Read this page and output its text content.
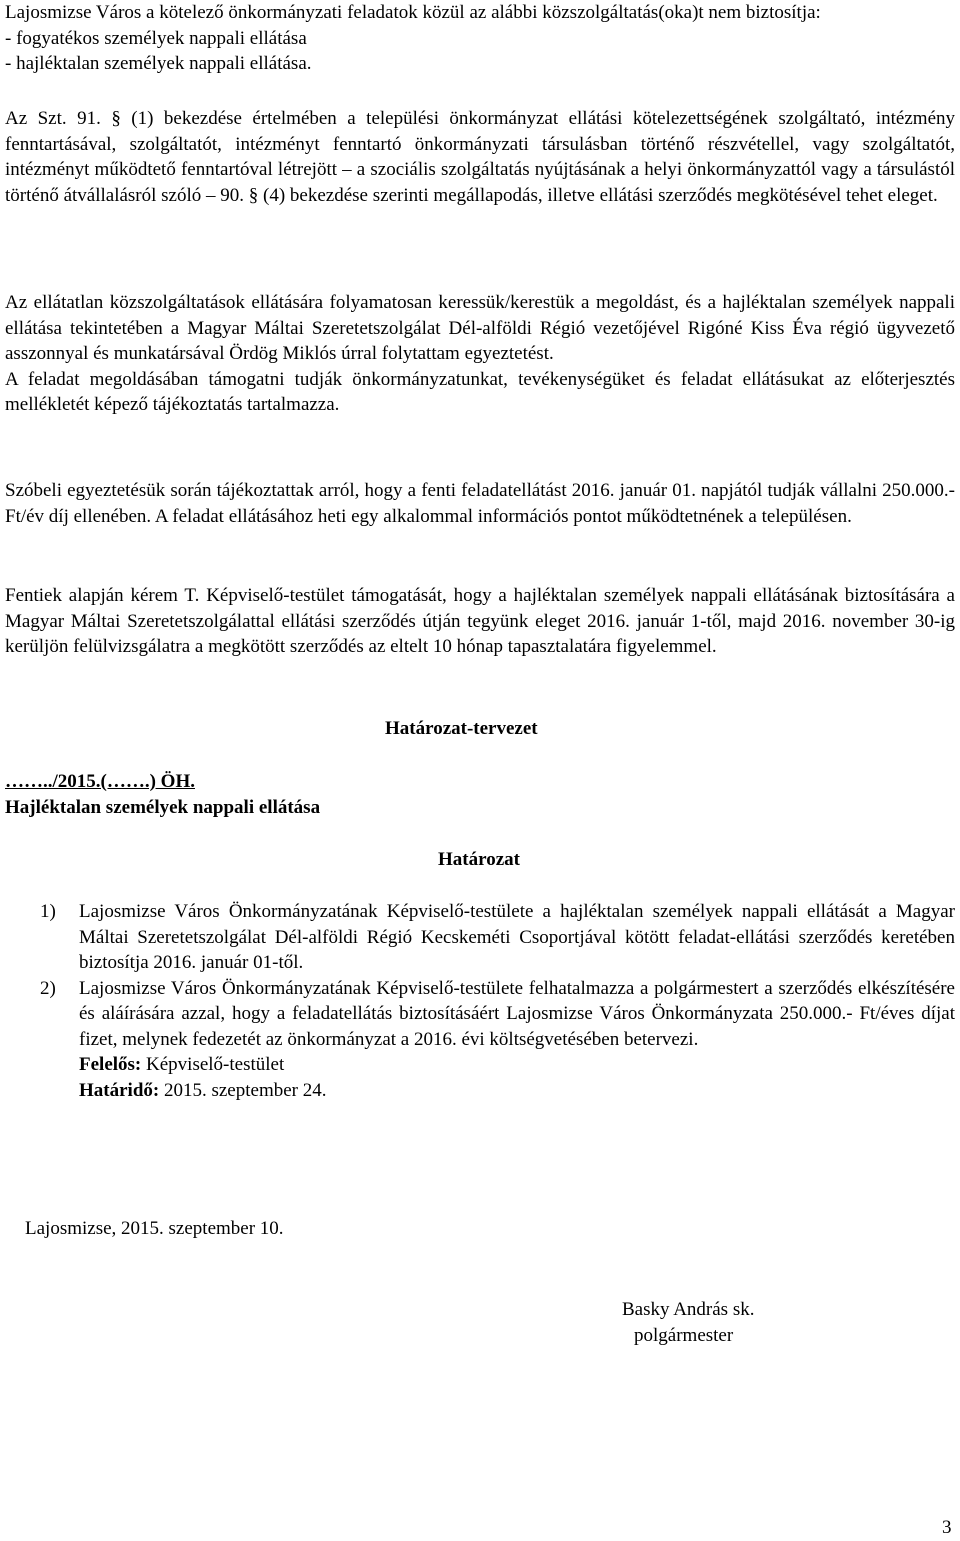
Lajosmizse Város a kötelező önkormányzati feladatok közül az alábbi közszolgáltatás(oka)t nem biztosítja:

- fogyatékos személyek nappali ellátása

- hajléktalan személyek nappali ellátása.

Az Szt. 91. § (1) bekezdése értelmében a települési önkormányzat ellátási kötelezettségének szolgáltató, intézmény fenntartásával, szolgáltatót, intézményt fenntartó önkormányzati társulásban történő részvétellel, vagy szolgáltatót, intézményt működtető fenntartóval létrejött – a szociális szolgáltatás nyújtásának a helyi önkormányzattól vagy a társulástól történő átvállalásról szóló – 90. § (4) bekezdése szerinti megállapodás, illetve ellátási szerződés megkötésével tehet eleget.

Az ellátatlan közszolgáltatások ellátására folyamatosan keressük/kerestük a megoldást, és a hajléktalan személyek nappali ellátása tekintetében a Magyar Máltai Szeretetszolgálat Dél-alföldi Régió vezetőjével Rigóné Kiss Éva régió ügyvezető asszonnyal és munkatársával Ördög Miklós úrral folytattam egyeztetést.

A feladat megoldásában támogatni tudják önkormányzatunkat, tevékenységüket és feladat ellátásukat az előterjesztés mellékletét képező tájékoztatás tartalmazza.

Szóbeli egyeztetésük során tájékoztattak arról, hogy a fenti feladatellátást 2016. január 01. napjától tudják vállalni 250.000.- Ft/év díj ellenében. A feladat ellátásához heti egy alkalommal információs pontot működtetnének a településen.

Fentiek alapján kérem T. Képviselő-testület támogatását, hogy a hajléktalan személyek nappali ellátásának biztosítására a Magyar Máltai Szeretetszolgálattal ellátási szerződés útján tegyünk eleget 2016. január 1-től, majd 2016. november 30-ig kerüljön felülvizsgálatra a megkötött szerződés az eltelt 10 hónap tapasztalatára figyelemmel.

Határozat-tervezet

……../2015.(…….) ÖH.

Hajléktalan személyek nappali ellátása

Határozat

1) Lajosmizse Város Önkormányzatának Képviselő-testülete a hajléktalan személyek nappali ellátását a Magyar Máltai Szeretetszolgálat Dél-alföldi Régió Kecskeméti Csoportjával kötött feladat-ellátási szerződés keretében biztosítja 2016. január 01-től.
2) Lajosmizse Város Önkormányzatának Képviselő-testülete felhatalmazza a polgármestert a szerződés elkészítésére és aláírására azzal, hogy a feladatellátás biztosításáért Lajosmizse Város Önkormányzata 250.000.- Ft/éves díjat fizet, melynek fedezetét az önkormányzat a 2016. évi költségvetésében betervezi.

Felelős: Képviselő-testület

Határidő: 2015. szeptember 24.

Lajosmizse, 2015. szeptember 10.

Basky András sk.

polgármester

3
